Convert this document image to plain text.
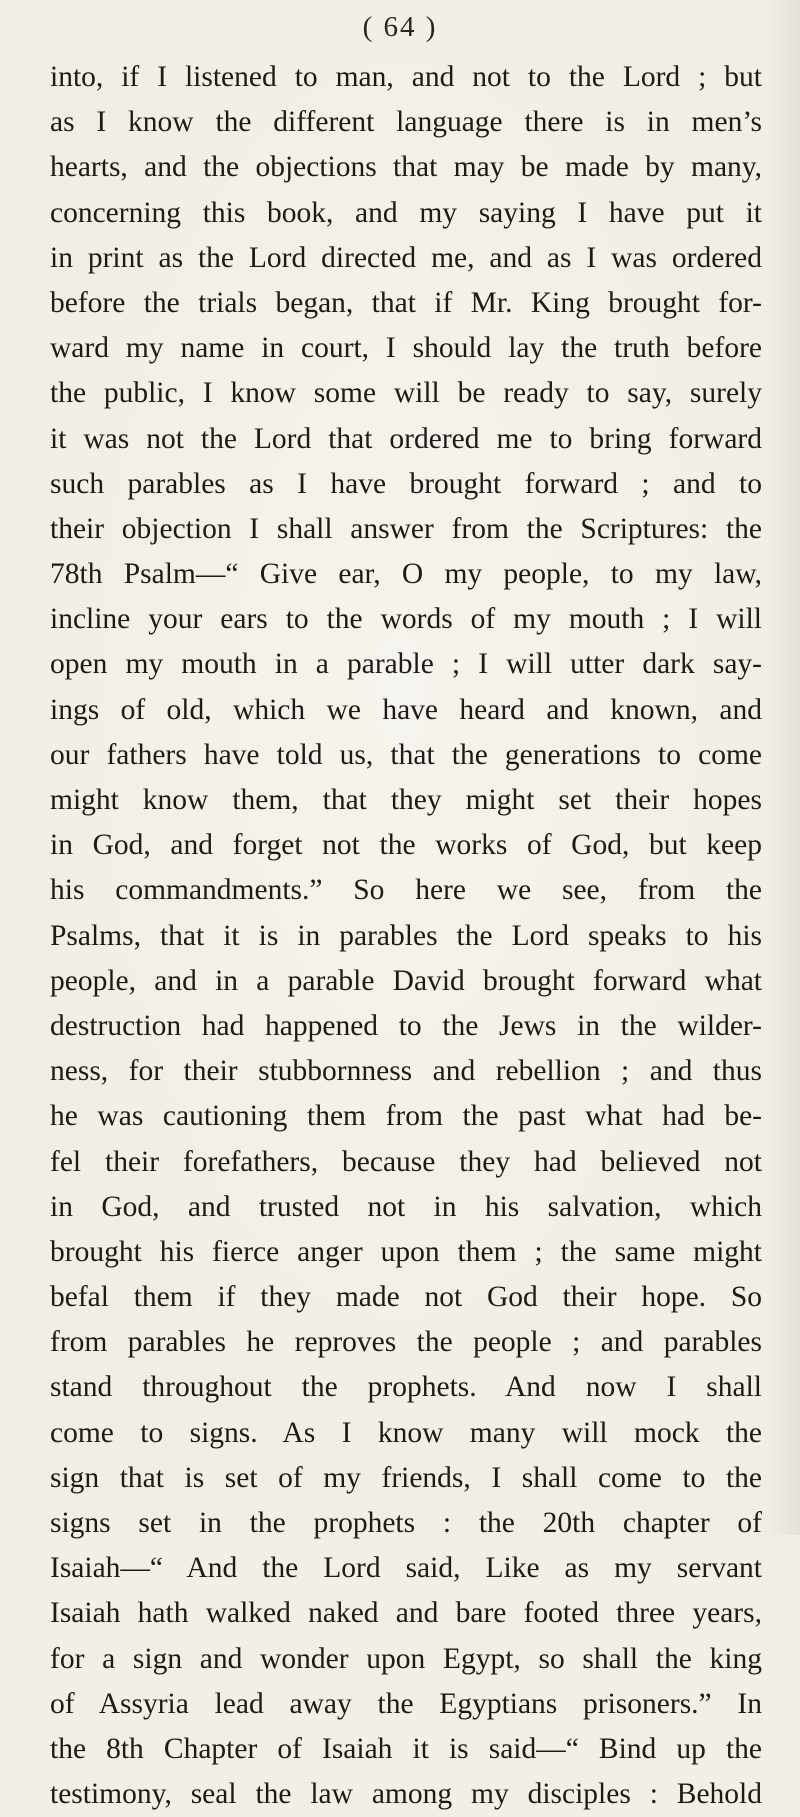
( 64 )
into, if I listened to man, and not to the Lord ; but
as I know the different language there is in men’s
hearts, and the objections that may be made by many,
concerning this book, and my saying I have put it
in print as the Lord directed me, and as I was ordered
before the trials began, that if Mr. King brought for-
ward my name in court, I should lay the truth before
the public, I know some will be ready to say, surely
it was not the Lord that ordered me to bring forward
such parables as I have brought forward ; and to
their objection I shall answer from the Scriptures: the
78th Psalm—“ Give ear, O my people, to my law,
incline your ears to the words of my mouth ; I will
open my mouth in a parable ; I will utter dark say-
ings of old, which we have heard and known, and
our fathers have told us, that the generations to come
might know them, that they might set their hopes
in God, and forget not the works of God, but keep
his commandments.” So here we see, from the
Psalms, that it is in parables the Lord speaks to his
people, and in a parable David brought forward what
destruction had happened to the Jews in the wilder-
ness, for their stubbornness and rebellion ; and thus
he was cautioning them from the past what had be-
fel their forefathers, because they had believed not
in God, and trusted not in his salvation, which
brought his fierce anger upon them ; the same might
befal them if they made not God their hope. So
from parables he reproves the people ; and parables
stand throughout the prophets. And now I shall
come to signs. As I know many will mock the
sign that is set of my friends, I shall come to the
signs set in the prophets : the 20th chapter of
Isaiah—“ And the Lord said, Like as my servant
Isaiah hath walked naked and bare footed three years,
for a sign and wonder upon Egypt, so shall the king
of Assyria lead away the Egyptians prisoners.” In
the 8th Chapter of Isaiah it is said—“ Bind up the
testimony, seal the law among my disciples : Behold
